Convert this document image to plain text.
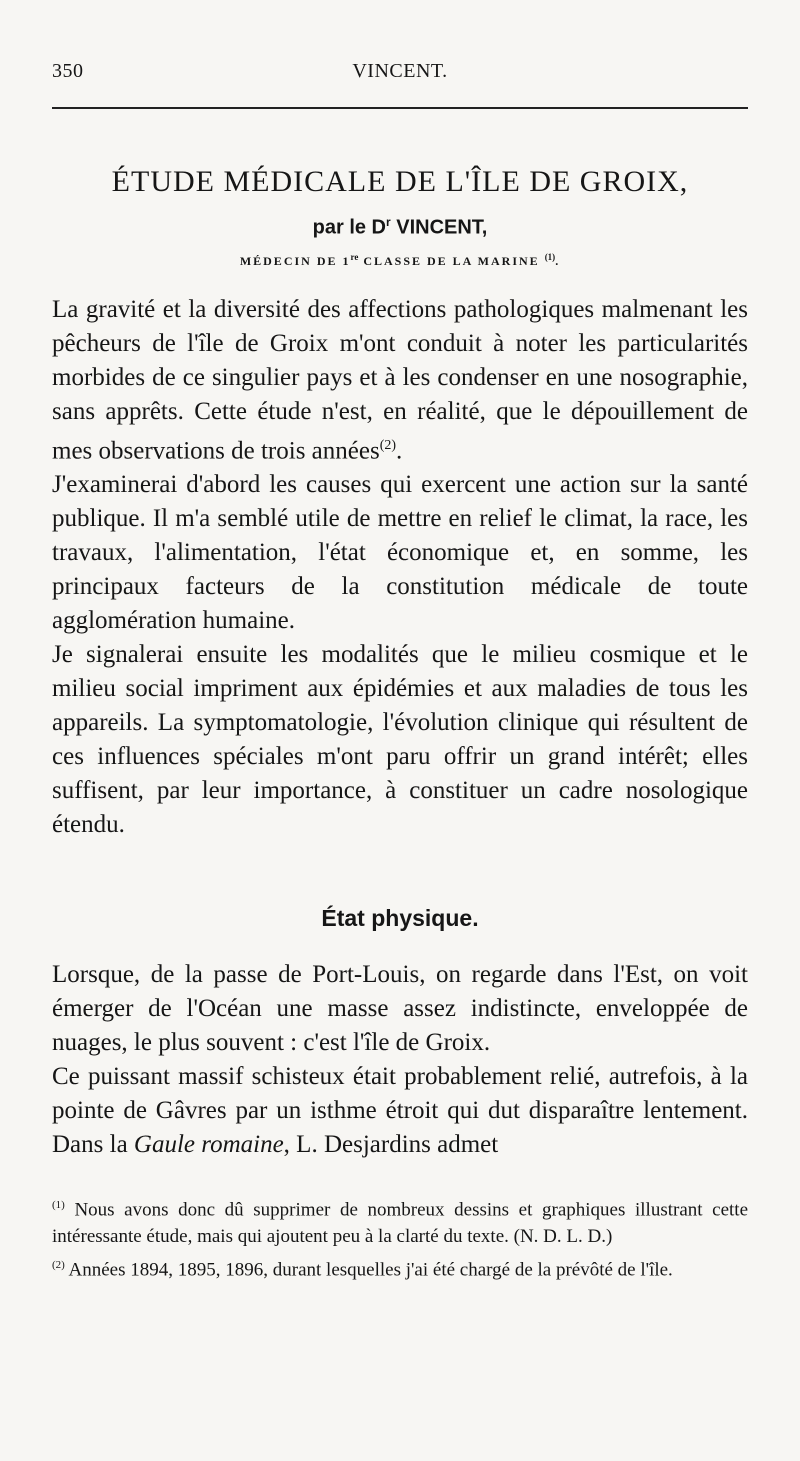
350	VINCENT.
ÉTUDE MÉDICALE DE L'ÎLE DE GROIX,
par le $D^r$ VINCENT,
MÉDECIN DE 1re CLASSE DE LA MARINE $^{(1)}$.

La gravité et la diversité des affections pathologiques malmenant les pêcheurs de l'île de Groix m'ont conduit à noter les particularités morbides de ce singulier pays et à les condenser en une nosographie, sans apprêts. Cette étude n'est, en réalité, que le dépouillement de mes observations de trois années$^{(2)}$.

J'examinerai d'abord les causes qui exercent une action sur la santé publique. Il m'a semblé utile de mettre en relief le climat, la race, les travaux, l'alimentation, l'état économique et, en somme, les principaux facteurs de la constitution médicale de toute agglomération humaine.

Je signalerai ensuite les modalités que le milieu cosmique et le milieu social impriment aux épidémies et aux maladies de tous les appareils. La symptomatologie, l'évolution clinique qui résultent de ces influences spéciales m'ont paru offrir un grand intérêt; elles suffisent, par leur importance, à constituer un cadre nosologique étendu.

État physique.

Lorsque, de la passe de Port-Louis, on regarde dans l'Est, on voit émerger de l'Océan une masse assez indistincte, enveloppée de nuages, le plus souvent : c'est l'île de Groix.

Ce puissant massif schisteux était probablement relié, autrefois, à la pointe de Gâvres par un isthme étroit qui dut disparaître lentement. Dans la Gaule romaine, L. Desjardins admet

$^{(1)}$ Nous avons donc dû supprimer de nombreux dessins et graphiques illustrant cette intéressante étude, mais qui ajoutent peu à la clarté du texte. (N. D. L. D.)

$^{(2)}$ Années 1894, 1895, 1896, durant lesquelles j'ai été chargé de la prévôté de l'île.
